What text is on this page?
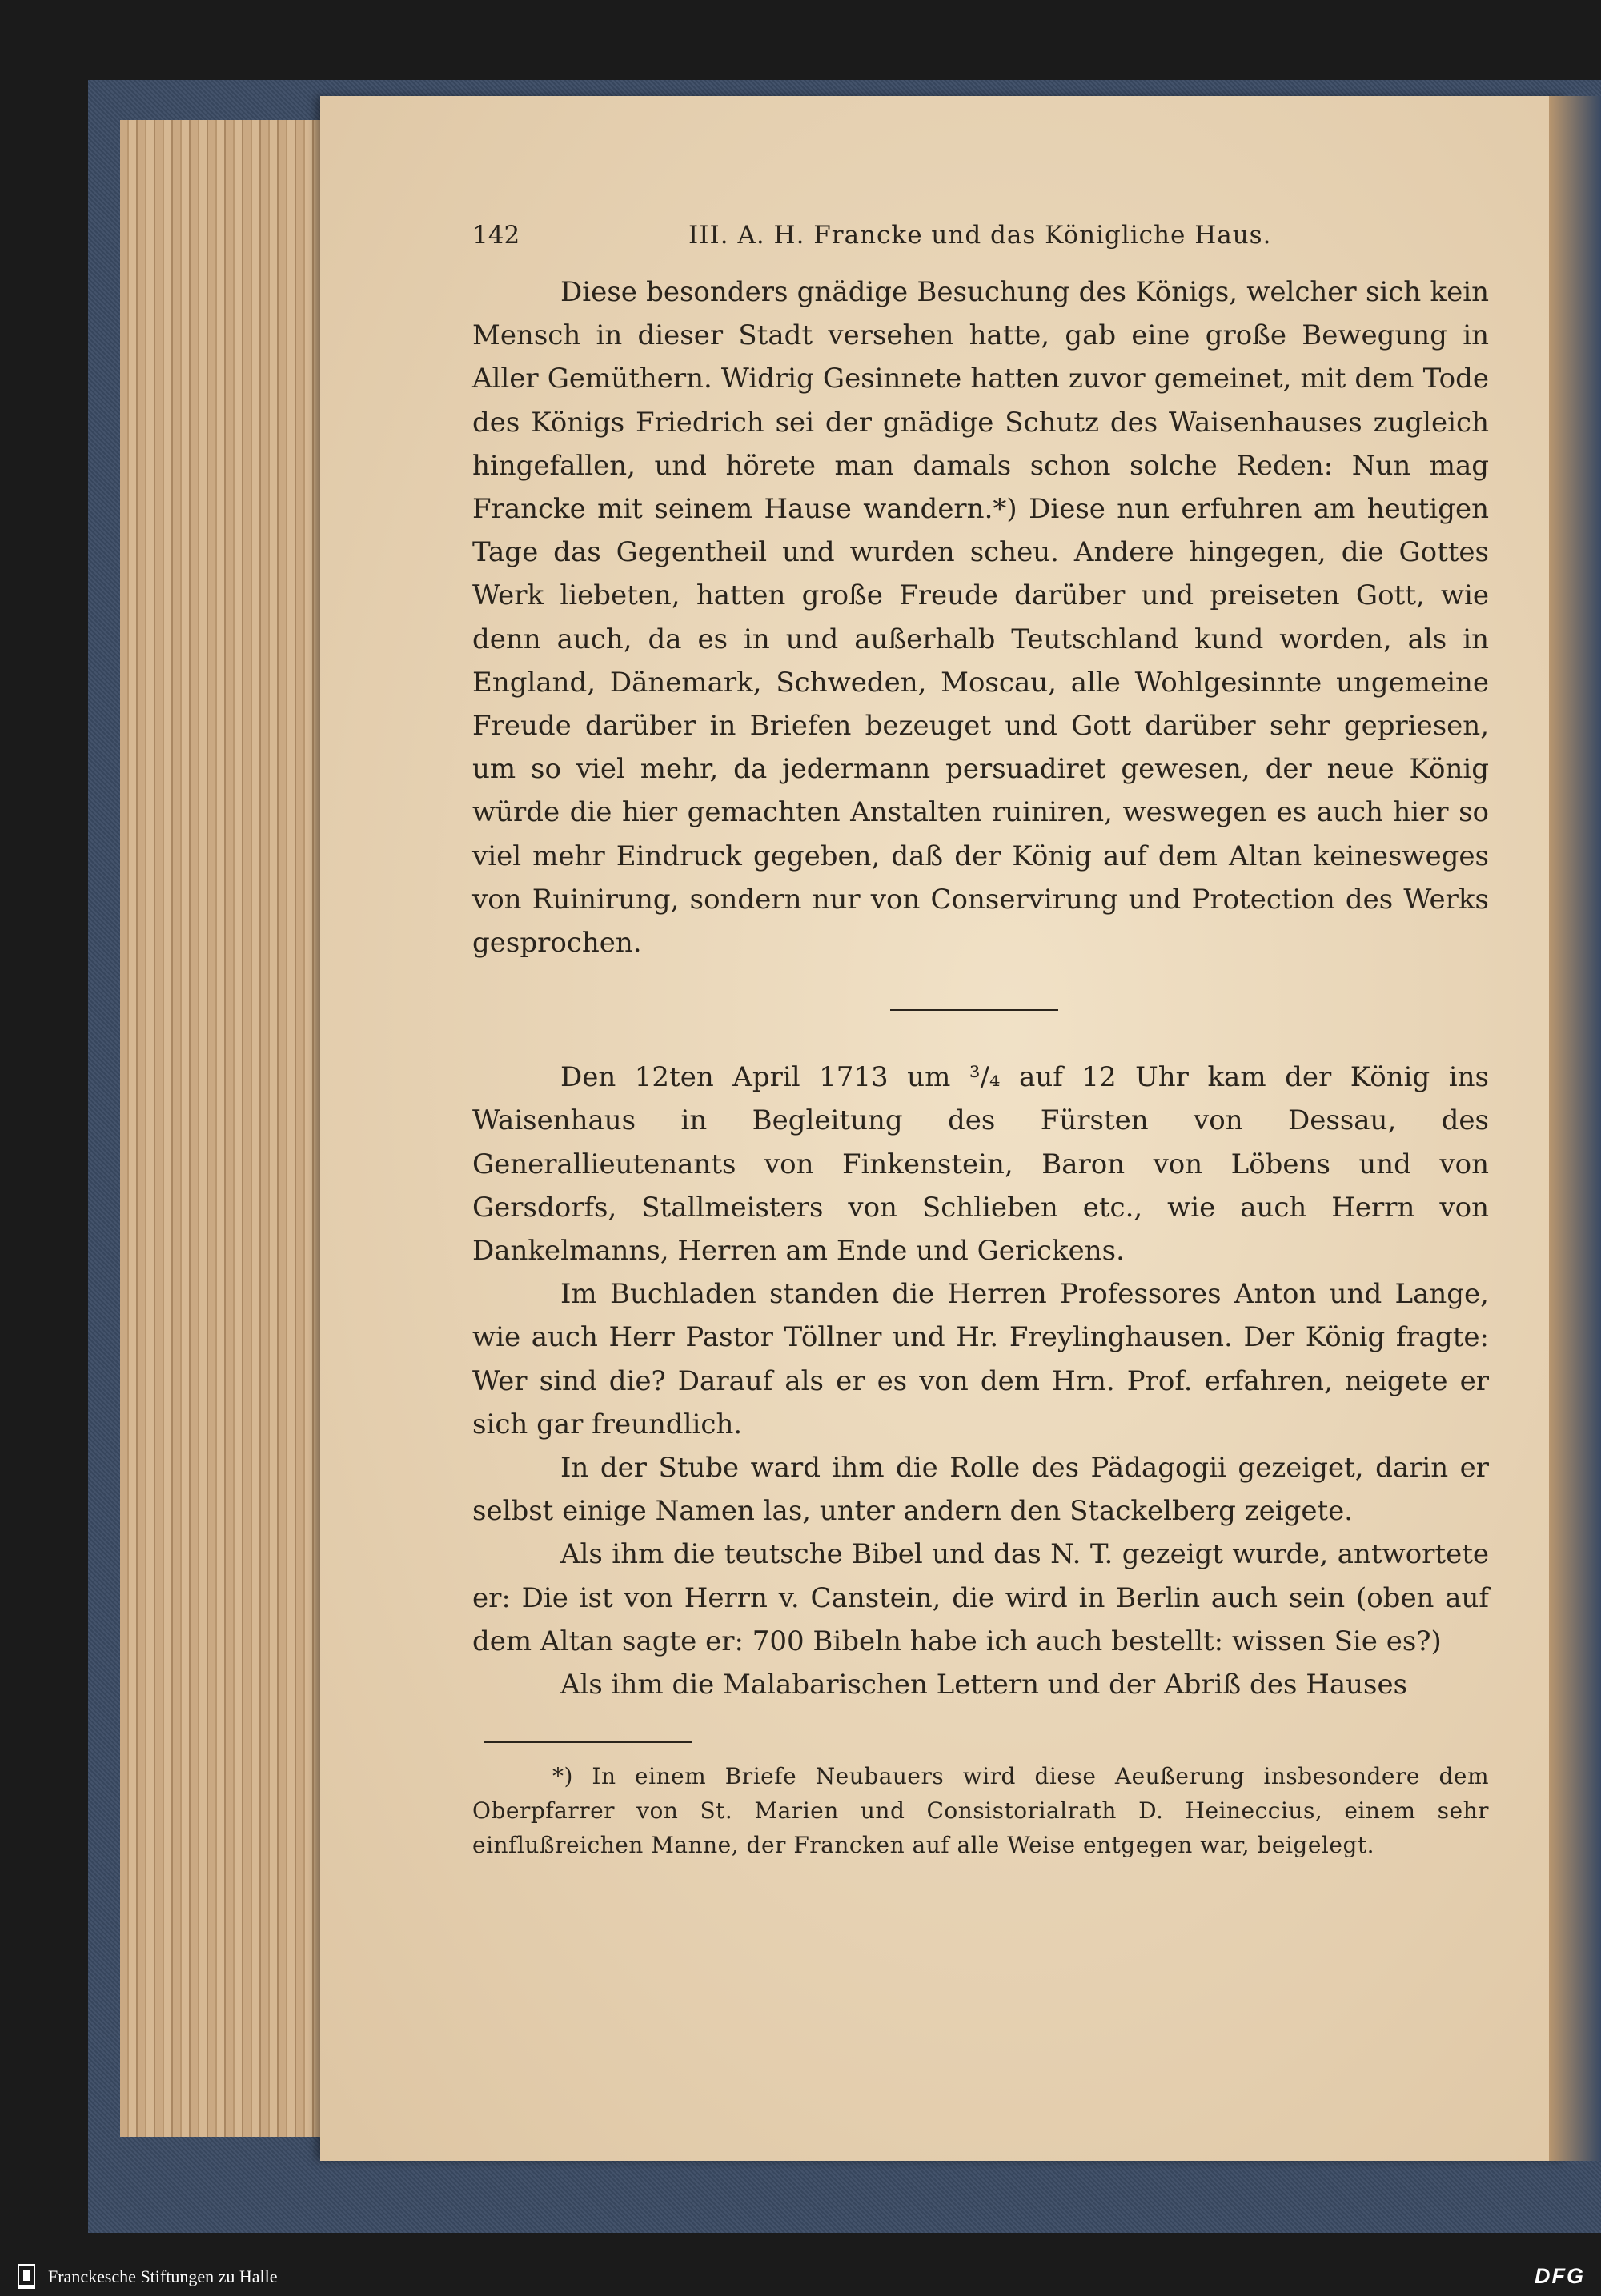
142	III. A. H. Francke und das Königliche Haus.

Diese besonders gnädige Besuchung des Königs, welcher sich kein Mensch in dieser Stadt versehen hatte, gab eine große Bewegung in Aller Gemüthern. Widrig Gesinnete hatten zuvor gemeinet, mit dem Tode des Königs Friedrich sei der gnädige Schutz des Waisenhauses zugleich hingefallen, und hörete man damals schon solche Reden: Nun mag Francke mit seinem Hause wandern.*) Diese nun erfuhren am heutigen Tage das Gegentheil und wurden scheu. Andere hingegen, die Gottes Werk liebeten, hatten große Freude darüber und preiseten Gott, wie denn auch, da es in und außerhalb Teutschland kund worden, als in England, Dänemark, Schweden, Moscau, alle Wohlgesinnte ungemeine Freude darüber in Briefen bezeuget und Gott darüber sehr gepriesen, um so viel mehr, da jedermann persuadiret gewesen, der neue König würde die hier gemachten Anstalten ruiniren, weswegen es auch hier so viel mehr Eindruck gegeben, daß der König auf dem Altan keinesweges von Ruinirung, sondern nur von Conservirung und Protection des Werks gesprochen.

Den 12ten April 1713 um ³/₄ auf 12 Uhr kam der König ins Waisenhaus in Begleitung des Fürsten von Dessau, des Generallieutenants von Finkenstein, Baron von Löbens und von Gersdorfs, Stallmeisters von Schlieben etc., wie auch Herrn von Dankelmanns, Herren am Ende und Gerickens.

Im Buchladen standen die Herren Professores Anton und Lange, wie auch Herr Pastor Töllner und Hr. Freylinghausen. Der König fragte: Wer sind die? Darauf als er es von dem Hrn. Prof. erfahren, neigete er sich gar freundlich.

In der Stube ward ihm die Rolle des Pädagogii gezeiget, darin er selbst einige Namen las, unter andern den Stackelberg zeigete.

Als ihm die teutsche Bibel und das N. T. gezeigt wurde, antwortete er: Die ist von Herrn v. Canstein, die wird in Berlin auch sein (oben auf dem Altan sagte er: 700 Bibeln habe ich auch bestellt: wissen Sie es?)

Als ihm die Malabarischen Lettern und der Abriß des Hauses

*) In einem Briefe Neubauers wird diese Aeußerung insbesondere dem Oberpfarrer von St. Marien und Consistorialrath D. Heineccius, einem sehr einflußreichen Manne, der Francken auf alle Weise entgegen war, beigelegt.

Franckesche Stiftungen zu Halle	DFG
